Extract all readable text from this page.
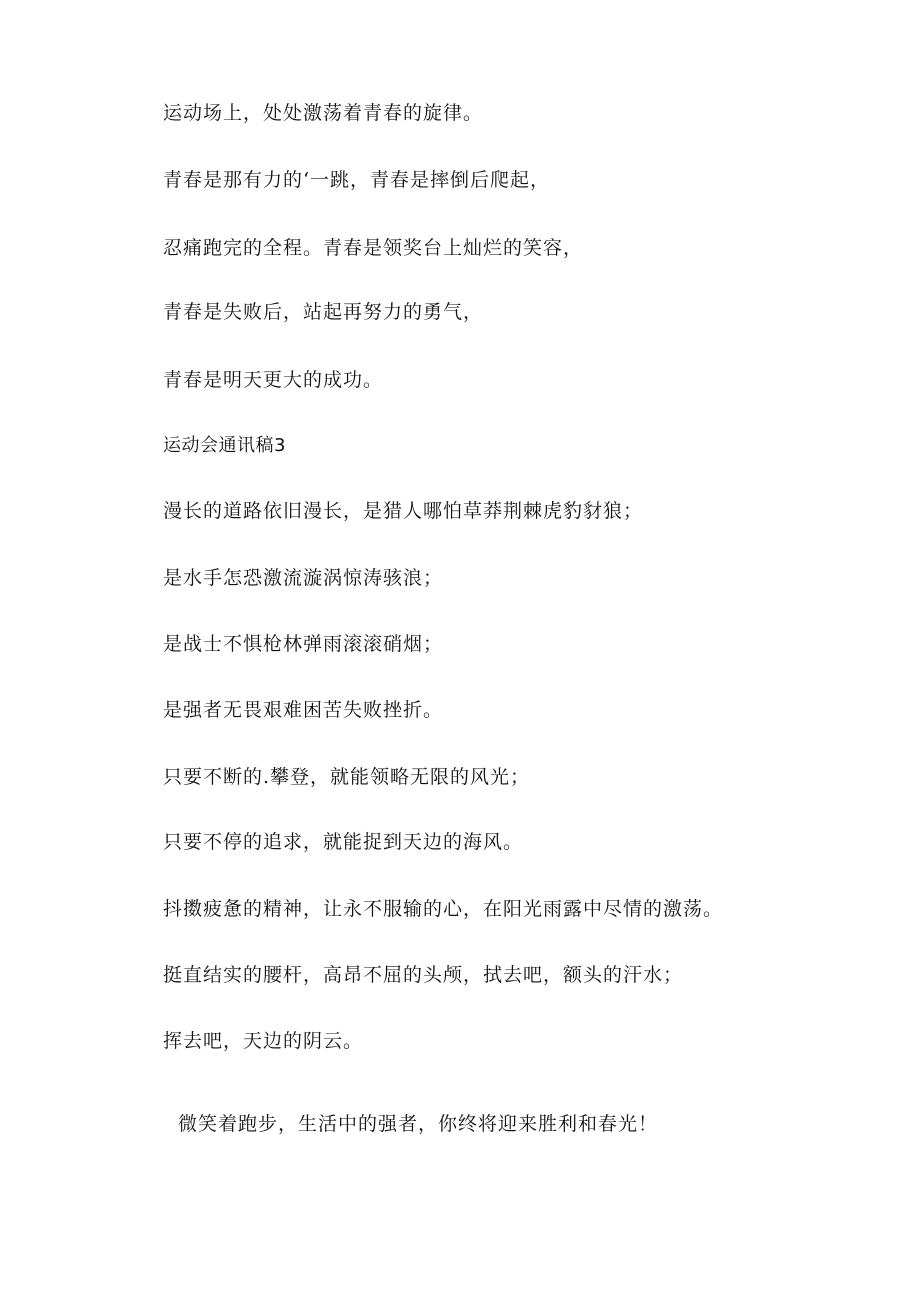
运动场上，处处激荡着青春的旋律。
青春是那有力的‘一跳，青春是摔倒后爬起，
忍痛跑完的全程。青春是领奖台上灿烂的笑容，
青春是失败后，站起再努力的勇气，
青春是明天更大的成功。
运动会通讯稿3
漫长的道路依旧漫长，是猎人哪怕草莽荆棘虎豹豺狼；
是水手怎恐激流漩涡惊涛骇浪；
是战士不惧枪林弹雨滚滚硝烟；
是强者无畏艰难困苦失败挫折。
只要不断的.攀登，就能领略无限的风光；
只要不停的追求，就能捉到天边的海风。
抖擞疲惫的精神，让永不服输的心，在阳光雨露中尽情的激荡。
挺直结实的腰杆，高昂不屈的头颅，拭去吧，额头的汗水；
挥去吧，天边的阴云。
微笑着跑步，生活中的强者，你终将迎来胜利和春光！
